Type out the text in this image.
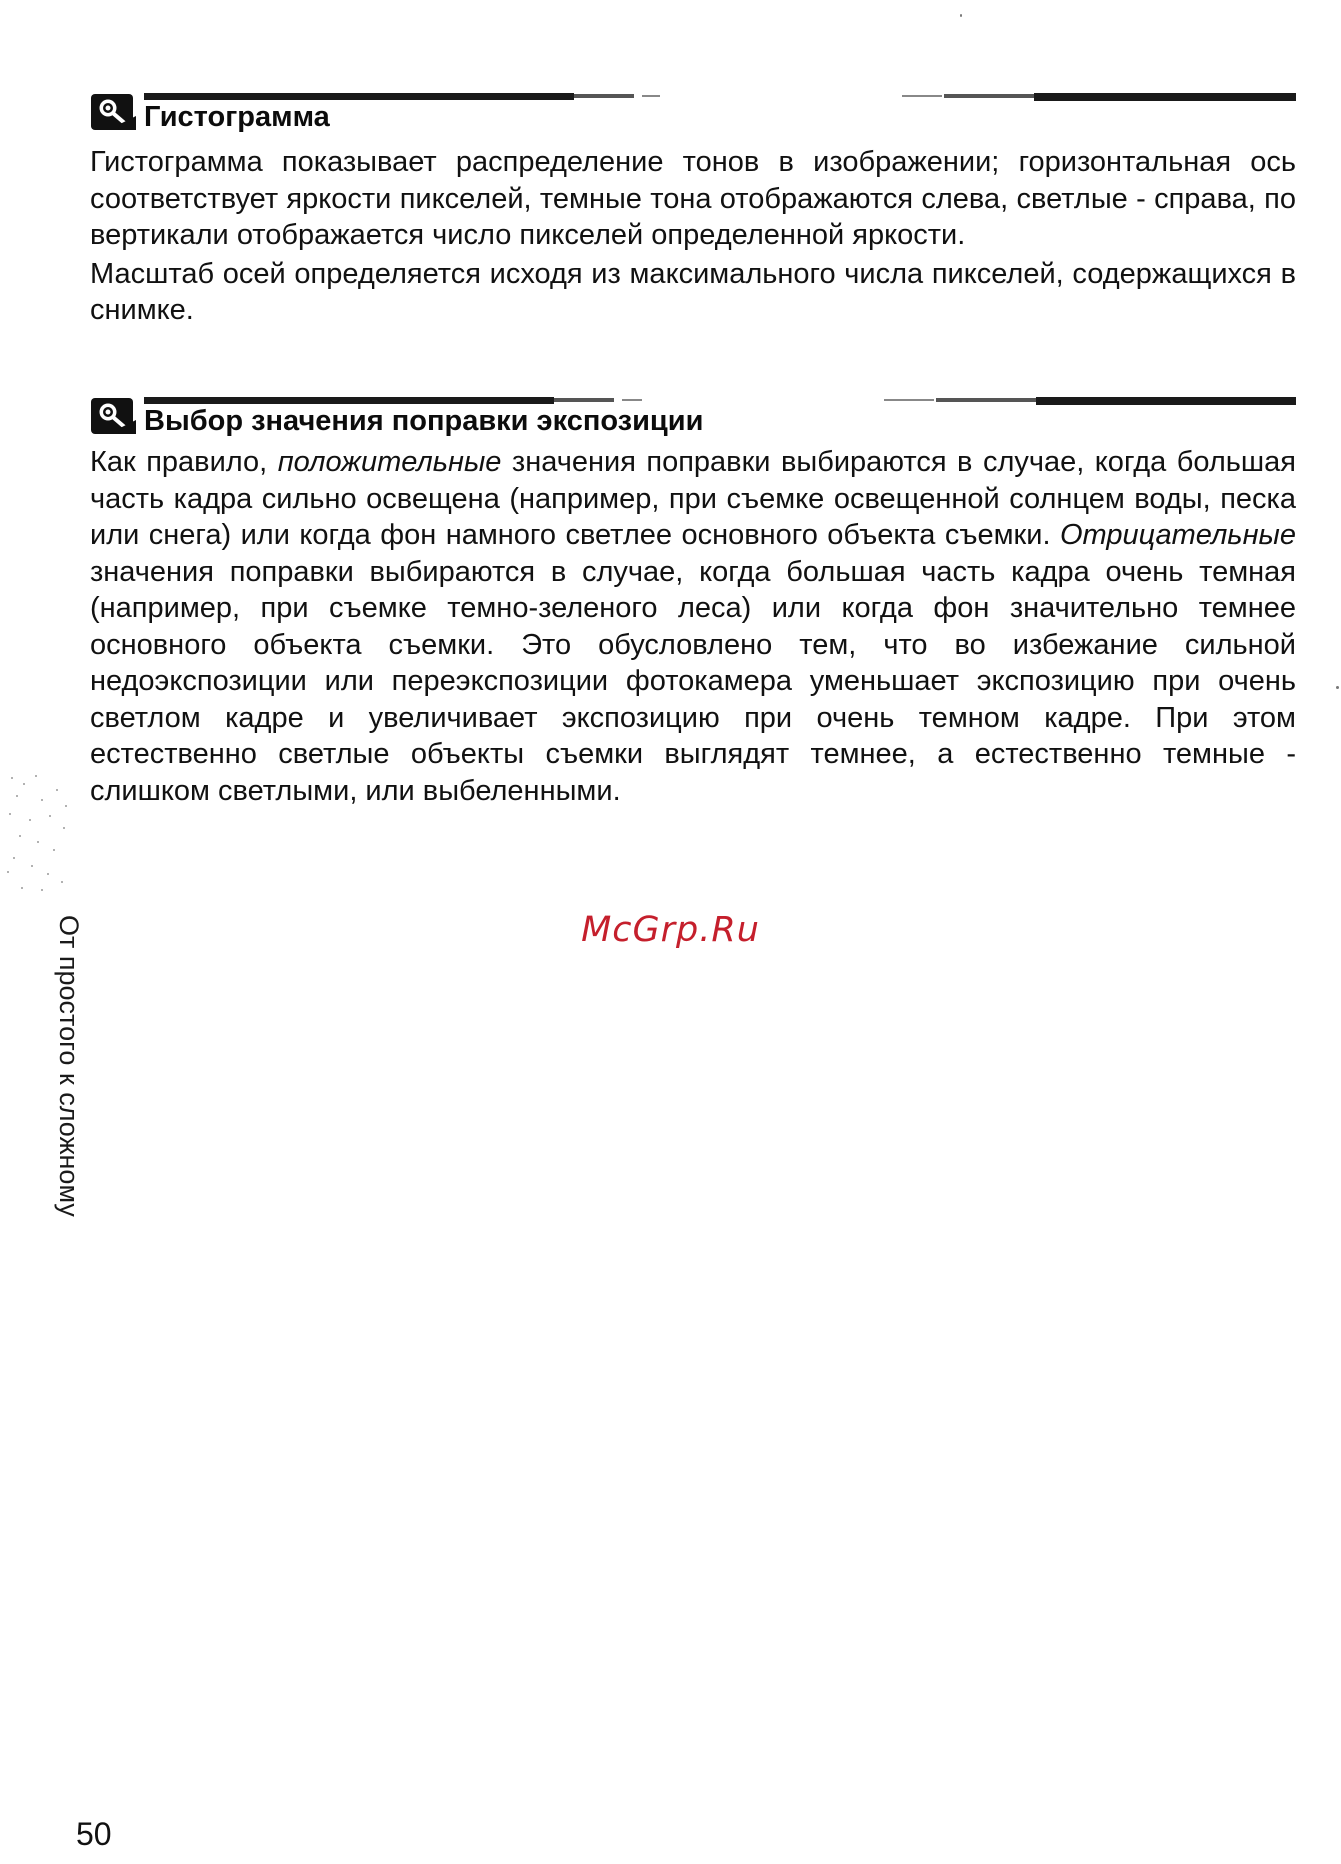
Гистограмма

Гистограмма показывает распределение тонов в изображении; горизонтальная ось соответствует яркости пикселей, темные тона отображаются слева, светлые - справа, по вертикали отображается число пикселей определенной яркости.

Масштаб осей определяется исходя из максимального числа пикселей, содержащихся в снимке.

Выбор значения поправки экспозиции

Как правило, положительные значения поправки выбираются в случае, когда большая часть кадра сильно освещена (например, при съемке освещенной солнцем воды, песка или снега) или когда фон намного светлее основного объекта съемки. Отрицательные значения поправки выбираются в случае, когда большая часть кадра очень темная (например, при съемке темно-зеленого леса) или когда фон значительно темнее основного объекта съемки. Это обусловлено тем, что во избежание сильной недоэкспозиции или переэкспозиции фотокамера уменьшает экспозицию при очень светлом кадре и увеличивает экспозицию при очень темном кадре. При этом естественно светлые объекты съемки выглядят темнее, а естественно темные - слишком светлыми, или выбеленными.

McGrp.Ru
От простого к сложному
50
